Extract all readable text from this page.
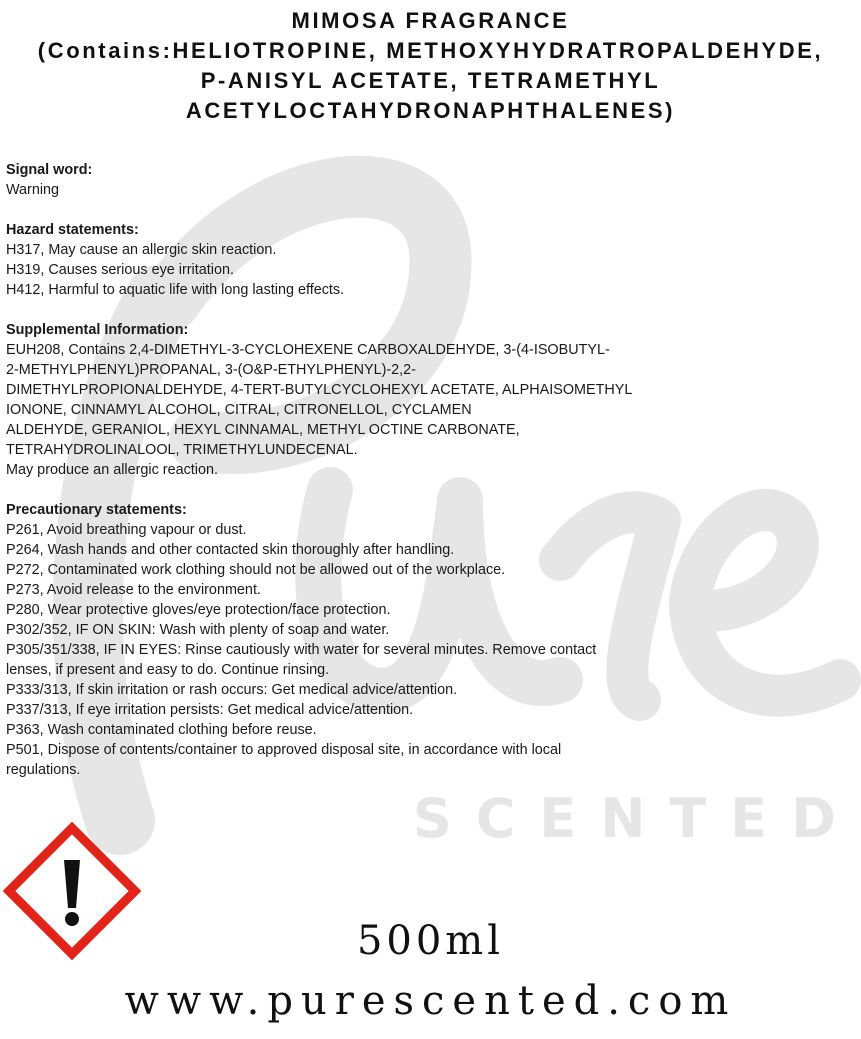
SCENTED
MIMOSA FRAGRANCE
(Contains:HELIOTROPINE, METHOXYHYDRATROPALDEHYDE,
P-ANISYL ACETATE, TETRAMETHYL
ACETYLOCTAHYDRONAPHTHALENES)
Signal word:
Warning
Hazard statements:
H317, May cause an allergic skin reaction.
H319, Causes serious eye irritation.
H412, Harmful to aquatic life with long lasting effects.
Supplemental Information:
EUH208, Contains 2,4-DIMETHYL-3-CYCLOHEXENE CARBOXALDEHYDE, 3-(4-ISOBUTYL-
2-METHYLPHENYL)PROPANAL, 3-(O&P-ETHYLPHENYL)-2,2-
DIMETHYLPROPIONALDEHYDE, 4-TERT-BUTYLCYCLOHEXYL ACETATE, ALPHAISOMETHYL
IONONE, CINNAMYL ALCOHOL, CITRAL, CITRONELLOL, CYCLAMEN
ALDEHYDE, GERANIOL, HEXYL CINNAMAL, METHYL OCTINE CARBONATE,
TETRAHYDROLINALOOL, TRIMETHYLUNDECENAL.
May produce an allergic reaction.
Precautionary statements:
P261, Avoid breathing vapour or dust.
P264, Wash hands and other contacted skin thoroughly after handling.
P272, Contaminated work clothing should not be allowed out of the workplace.
P273, Avoid release to the environment.
P280, Wear protective gloves/eye protection/face protection.
P302/352, IF ON SKIN: Wash with plenty of soap and water.
P305/351/338, IF IN EYES: Rinse cautiously with water for several minutes. Remove contact
lenses, if present and easy to do. Continue rinsing.
P333/313, If skin irritation or rash occurs: Get medical advice/attention.
P337/313, If eye irritation persists: Get medical advice/attention.
P363, Wash contaminated clothing before reuse.
P501, Dispose of contents/container to approved disposal site, in accordance with local
regulations.
500ml
www.purescented.com
